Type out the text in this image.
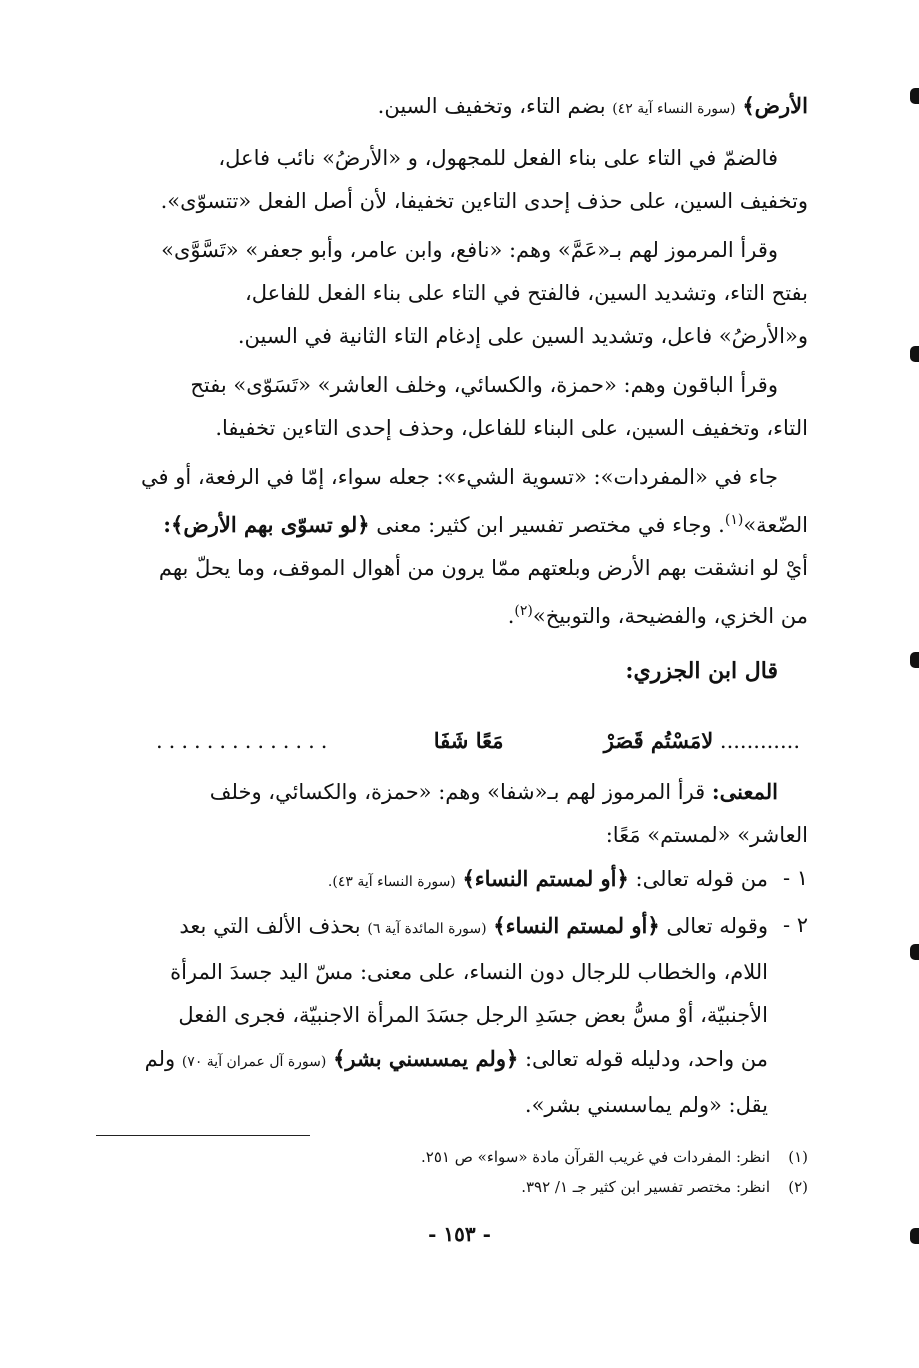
الأرض﴾ (سورة النساء آية ٤٢) بضم التاء، وتخفيف السين.

فالضمّ في التاء على بناء الفعل للمجهول، و «الأرضُ» نائب فاعل،

وتخفيف السين، على حذف إحدى التاءين تخفيفا، لأن أصل الفعل «تتسوّى».

وقرأ المرموز لهم بـ«عَمَّ» وهم: «نافع، وابن عامر، وأبو جعفر» «تَسَّوَّى»

بفتح التاء، وتشديد السين، فالفتح في التاء على بناء الفعل للفاعل،

و«الأرضُ» فاعل، وتشديد السين على إدغام التاء الثانية في السين.

وقرأ الباقون وهم: «حمزة، والكسائي، وخلف العاشر» «تَسَوّى» بفتح

التاء، وتخفيف السين، على البناء للفاعل، وحذف إحدى التاءين تخفيفا.

جاء في «المفردات»: «تسوية الشيء»: جعله سواء، إمّا في الرفعة، أو في

الضّعة»$^{(١)}$. وجاء في مختصر تفسير ابن كثير: معنى ﴿لو تسوّى بهم الأرض﴾:

أيْ لو انشقت بهم الأرض وبلعتهم ممّا يرون من أهوال الموقف، وما يحلّ بهم

من الخزي، والفضيحة، والتوبيخ»$^{(٢)}$.

قال ابن الجزري:

............ لامَسْتُم قَصَرْ
مَعًا شَفَا
..............

المعنى: قرأ المرموز لهم بـ«شفا» وهم: «حمزة، والكسائي، وخلف

العاشر» «لمستم» مَعًا:

١ -
من قوله تعالى: ﴿أو لمستم النساء﴾ (سورة النساء آية ٤٣).

٢ -

وقوله تعالى ﴿أو لمستم النساء﴾ (سورة المائدة آية ٦) بحذف الألف التي بعد

اللام، والخطاب للرجال دون النساء، على معنى: مسّ اليد جسدَ المرأة

الأجنبيّة، أوْ مسُّ بعض جسَدِ الرجل جسَدَ المرأة الاجنبيّة، فجرى الفعل

من واحد، ودليله قوله تعالى: ﴿ولم يمسسني بشر﴾ (سورة آل عمران آية ٧٠) ولم

يقل: «ولم يماسسني بشر».

(١)
انظر: المفردات في غريب القرآن مادة «سواء» ص ٢٥١.

(٢)
انظر: مختصر تفسير ابن كثير جـ ١/ ٣٩٢.

- ١٥٣ -
